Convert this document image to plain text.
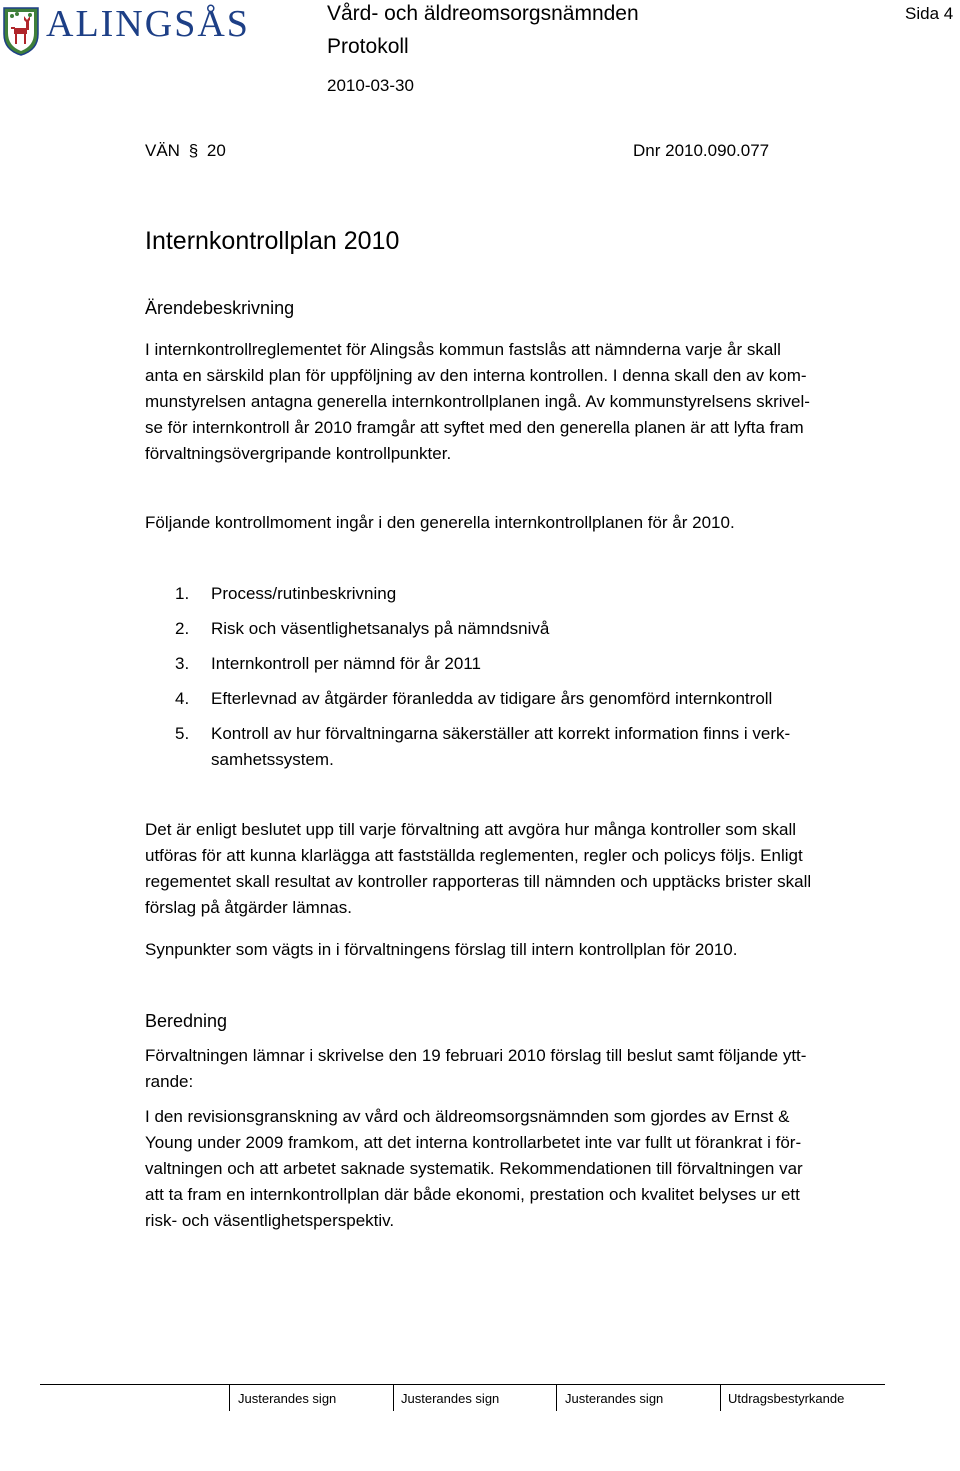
ALINGSÅS	Vård- och äldreomsorgsnämnden
Protokoll
2010-03-30
Sida 4
VÄN § 20	Dnr 2010.090.077
Internkontrollplan 2010
Ärendebeskrivning

I internkontrollreglementet för Alingsås kommun fastslås att nämnderna varje år skall

anta en särskild plan för uppföljning av den interna kontrollen. I denna skall den av kom-

munstyrelsen antagna generella internkontrollplanen ingå. Av kommunstyrelsens skrivel-

se för internkontroll år 2010 framgår att syftet med den generella planen är att lyfta fram

förvaltningsövergripande kontrollpunkter.

Följande kontrollmoment ingår i den generella internkontrollplanen för år 2010.

1.	Process/rutinbeskrivning
2.	Risk och väsentlighetsanalys på nämndsnivå
3.	Internkontroll per nämnd för år 2011
4.	Efterlevnad av åtgärder föranledda av tidigare års genomförd internkontroll
5.	Kontroll av hur förvaltningarna säkerställer att korrekt information finns i verk-
samhetssystem.

Det är enligt beslutet upp till varje förvaltning att avgöra hur många kontroller som skall

utföras för att kunna klarlägga att fastställda reglementen, regler och policys följs. Enligt

regementet skall resultat av kontroller rapporteras till nämnden och upptäcks brister skall

förslag på åtgärder lämnas.

Synpunkter som vägts in i förvaltningens förslag till intern kontrollplan för 2010.

Beredning

Förvaltningen lämnar i skrivelse den 19 februari 2010 förslag till beslut samt följande ytt-

rande:

I den revisionsgranskning av vård och äldreomsorgsnämnden som gjordes av Ernst &

Young under 2009 framkom, att det interna kontrollarbetet inte var fullt ut förankrat i för-

valtningen och att arbetet saknade systematik. Rekommendationen till förvaltningen var

att ta fram en internkontrollplan där både ekonomi, prestation och kvalitet belyses ur ett

risk- och väsentlighetsperspektiv.

Justerandes sign	Justerandes sign	Justerandes sign	Utdragsbestyrkande
